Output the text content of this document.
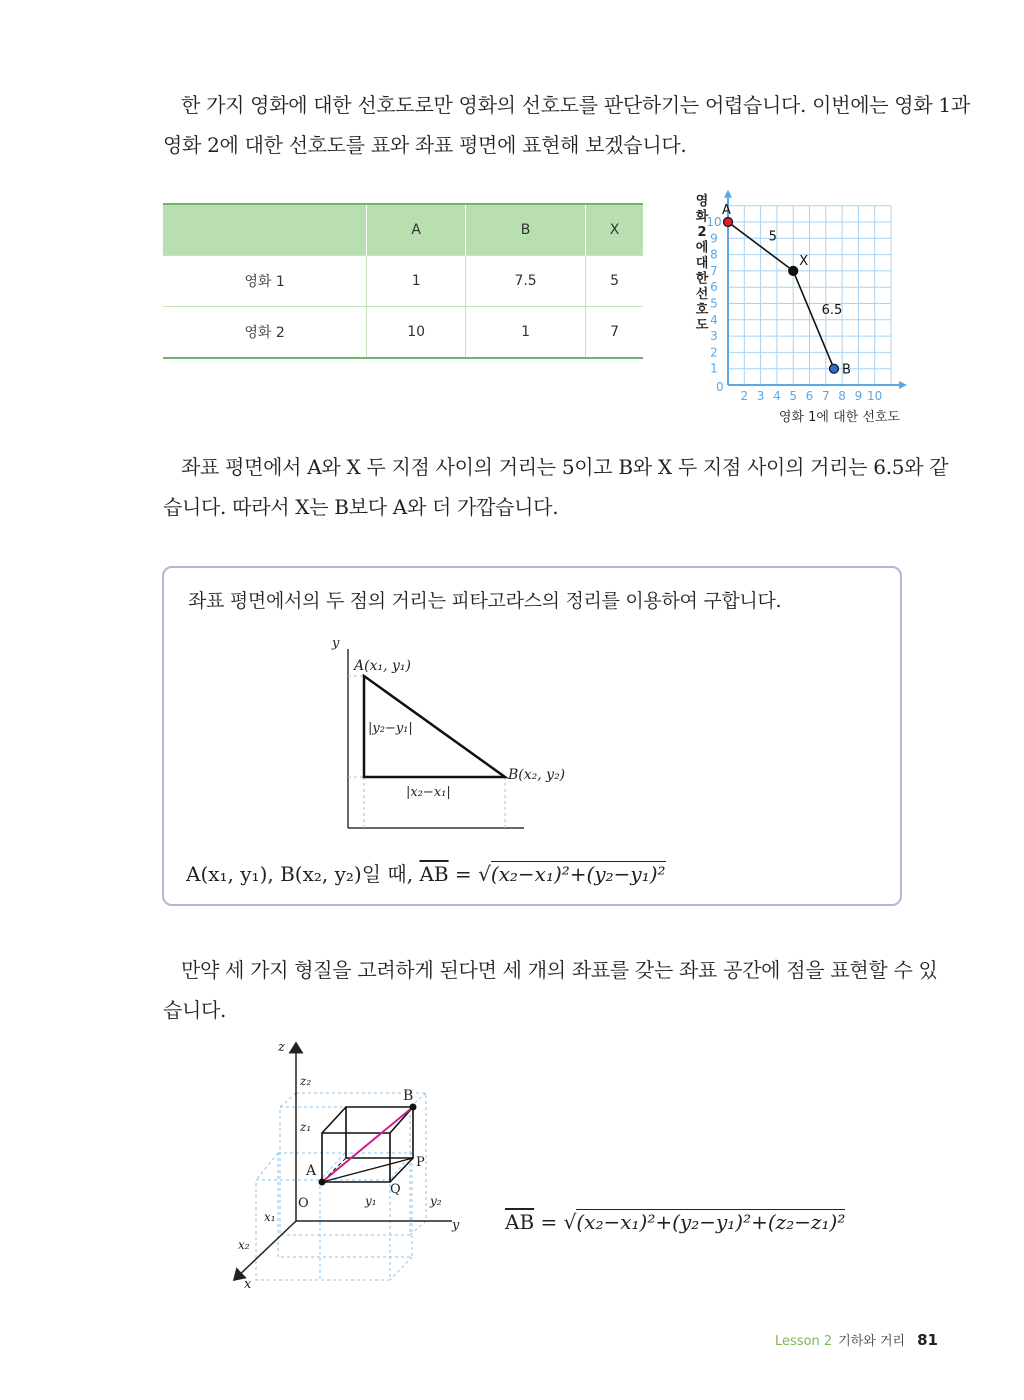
한 가지 영화에 대한 선호도로만 영화의 선호도를 판단하기는 어렵습니다. 이번에는 영화 1과
영화 2에 대한 선호도를 표와 좌표 평면에 표현해 보겠습니다.
	A	B	X
영화 1	1	7.5	5
영화 2	10	1	7
0
2 3 4 5 6 7 8 9 10
1
2
3
4
5
6
7
8
9
10
5
6.5
A
X
B
영 화 2 에 대 한 선 호 도
영화 1에 대한 선호도
좌표 평면에서 A와 X 두 지점 사이의 거리는 5이고 B와 X 두 지점 사이의 거리는 6.5와 같
습니다. 따라서 X는 B보다 A와 더 가깝습니다.
좌표 평면에서의 두 점의 거리는 피타고라스의 정리를 이용하여 구합니다.
y
A(x₁, y₁)
B(x₂, y₂)
|y₂−y₁|
|x₂−x₁|
A(x₁, y₁), B(x₂, y₂)일 때, $\overline{AB} = √(x_2-x_1)^2+(y_2-y_1)^2$
만약 세 가지 형질을 고려하게 된다면 세 개의 좌표를 갖는 좌표 공간에 점을 표현할 수 있
습니다.
z
y
x
z₂
z₁
y₁	y₂
x₁
x₂
O
A
B
P
Q
$\overline{AB} = √(x_2-x_1)^2+(y_2-y_1)^2+(z_2-z_1)^2$
Lesson 2 기하와 거리 81
